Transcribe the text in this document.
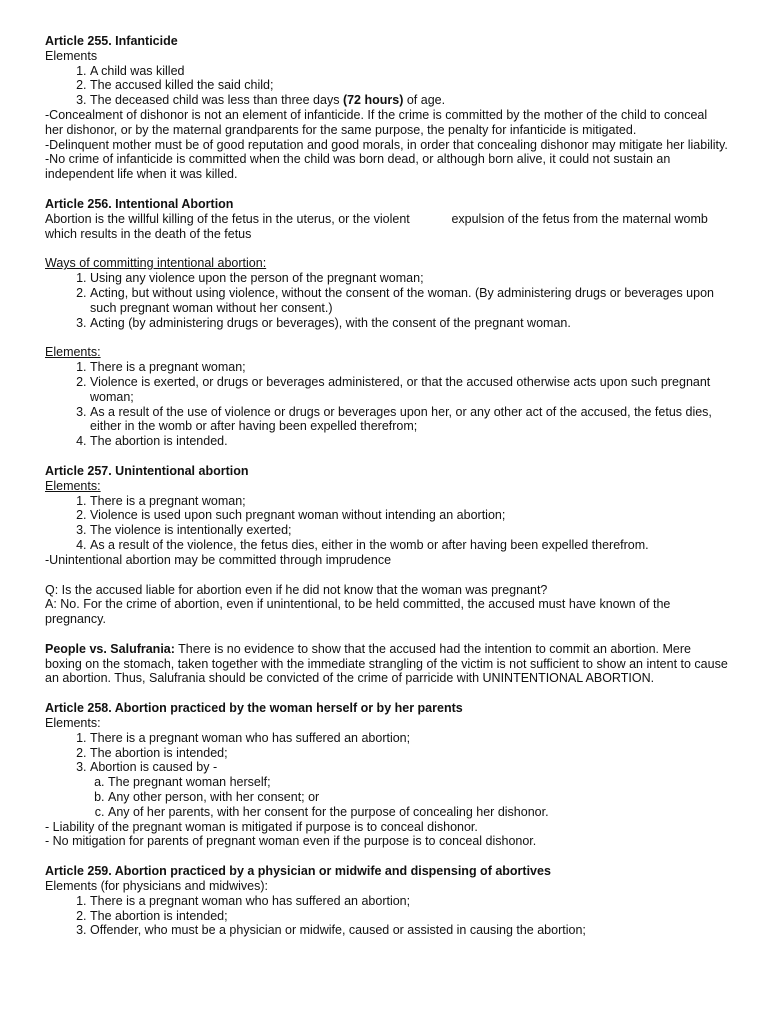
Article 255. Infanticide

Elements

1. A child was killed
2. The accused killed the said child;
3. The deceased child was less than three days (72 hours) of age.

-Concealment of dishonor is not an element of infanticide. If the crime is committed by the mother of the child to conceal her dishonor, or by the maternal grandparents for the same purpose, the penalty for infanticide is mitigated.

-Delinquent mother must be of good reputation and good morals, in order that concealing dishonor may mitigate her liability.

-No crime of infanticide is committed when the child was born dead, or although born alive, it could not sustain an independent life when it was killed.

Article 256. Intentional Abortion

Abortion is the willful killing of the fetus in the uterus, or the violent            expulsion of the fetus from the maternal womb which results in the death of the fetus

Ways of committing intentional abortion:

1. Using any violence upon the person of the pregnant woman;
2. Acting, but without using violence, without the consent of the woman. (By administering drugs or beverages upon such pregnant woman without her consent.)
3. Acting (by administering drugs or beverages), with the consent of the pregnant woman.

Elements:

1. There is a pregnant woman;
2. Violence is exerted, or drugs or beverages administered, or that the accused otherwise acts upon such pregnant woman;
3. As a result of the use of violence or drugs or beverages upon her, or any other act of the accused, the fetus dies, either in the womb or after having been expelled therefrom;
4. The abortion is intended.

Article 257. Unintentional abortion

Elements:

1. There is a pregnant woman;
2. Violence is used upon such pregnant woman without intending an abortion;
3. The violence is intentionally exerted;
4. As a result of the violence, the fetus dies, either in the womb or after having been expelled therefrom.

-Unintentional abortion may be committed through imprudence

Q: Is the accused liable for abortion even if he did not know that the woman was pregnant?

A: No. For the crime of abortion, even if unintentional, to be held committed, the accused must have known of the pregnancy.

People vs. Salufrania: There is no evidence to show that the accused had the intention to commit an abortion. Mere boxing on the stomach, taken together with the immediate strangling of the victim is not sufficient to show an intent to cause an abortion. Thus, Salufrania should be convicted of the crime of parricide with UNINTENTIONAL ABORTION.

Article 258. Abortion practiced by the woman herself or by her parents

Elements:

1. There is a pregnant woman who has suffered an abortion;
2. The abortion is intended;
3. Abortion is caused by -
a. The pregnant woman herself;
b. Any other person, with her consent; or
c. Any of her parents, with her consent for the purpose of concealing her dishonor.

- Liability of the pregnant woman is mitigated if purpose is to conceal dishonor.

- No mitigation for parents of pregnant woman even if the purpose is to conceal dishonor.

Article 259. Abortion practiced by a physician or midwife and dispensing of abortives

Elements (for physicians and midwives):

1. There is a pregnant woman who has suffered an abortion;
2. The abortion is intended;
3. Offender, who must be a physician or midwife, caused or assisted in causing the abortion;
